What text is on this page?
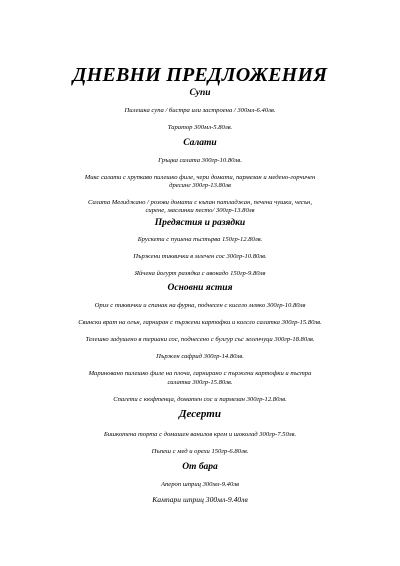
ДНЕВНИ ПРЕДЛОЖЕНИЯ
Супи
Пилешка супа / бистра или застроена / 300мл-6.40лв.
Таратор 300мл-5.80лв.
Салати
Гръцка салата 300гр-10.80лв.
Микс салати с хрупкаво пилешко филе, чери домати, пармезан и медено-горчичен
дресинг 300гр-13.80лв
Салата Мелиджано / розови домати с къпан патладжан, печени чушки, чесън,
сирене, маслинки песто/ 300гр-13.80лв
Предястия и разядки
Брускети с пушена пъстърва 150гр-12.80лв.
Пържени тиквички в млечен сос 300гр-10.80лв.
Яйчена йогурт разядка с авокадо 150гр-9.80лв
Основни ястия
Ориз с тиквички и спанак на фурна, поднесен с кисело мляко 300гр-10.80лв
Свински врат на огън, гарниран с пържени картофки и колсло салатка 300гр-15.80лв.
Телешко задушено в териаки сос, поднесено с булгур със зеленчуци 300гр-18.80лв.
Пържен сафрид 300гр-14.80лв.
Мариновано пилешко филе на плоча, гарнирано с пържени картофки и пъстра
салатка 300гр-15.80лв.
Спагети с кюфтенца, доматен сос и пармезан 300гр-12.80лв.
Десерти
Бишкотена торта с домашен ванилов крем и шоколад 300гр-7.50лв.
Пъпеш с мед и орехи 150гр-6.80лв.
От бара
Апероп шприц 300мл-9.40лв
Кампари шприц 300мл-9.40лв
